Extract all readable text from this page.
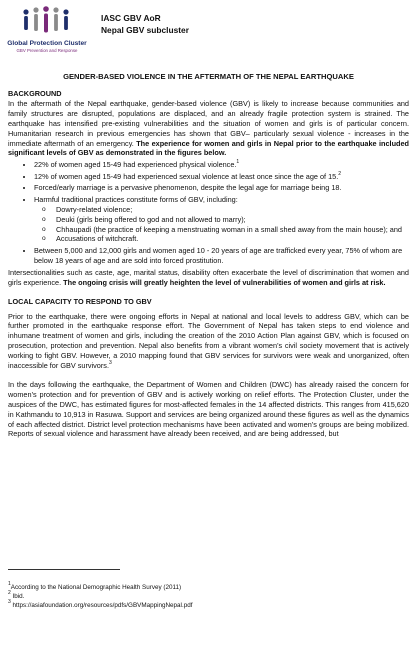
Global Protection Cluster
GBV Prevention and Response
IASC GBV AoR
Nepal GBV subcluster
GENDER-BASED VIOLENCE IN THE AFTERMATH OF THE NEPAL EARTHQUAKE
BACKGROUND

In the aftermath of the Nepal earthquake, gender-based violence (GBV) is likely to increase because communities and family structures are disrupted, populations are displaced, and an already fragile protection system is strained. The earthquake has intensified pre-existing vulnerabilities and the situation of women and girls is of particular concern. Humanitarian research in previous emergencies has shown that GBV– particularly sexual violence - increases in the immediate aftermath of an emergency. The experience for women and girls in Nepal prior to the earthquake included significant levels of GBV as demonstrated in the figures below.

• 22% of women aged 15-49 had experienced physical violence.$^1$
• 12% of women aged 15-49 had experienced sexual violence at least once since the age of 15.$^2$
• Forced/early marriage is a pervasive phenomenon, despite the legal age for marriage being 18.
• Harmful traditional practices constitute forms of GBV, including:
o Dowry-related violence;
o Deuki (girls being offered to god and not allowed to marry);
o Chhaupadi (the practice of keeping a menstruating woman in a small shed away from the main house); and
o Accusations of witchcraft.
• Between 5,000 and 12,000 girls and women aged 10 - 20 years of age are trafficked every year, 75% of whom are below 18 years of age and are sold into forced prostitution.

Intersectionalities such as caste, age, marital status, disability often exacerbate the level of discrimination that women and girls experience. The ongoing crisis will greatly heighten the level of vulnerabilities of women and girls at risk.

LOCAL CAPACITY TO RESPOND TO GBV

Prior to the earthquake, there were ongoing efforts in Nepal at national and local levels to address GBV, which can be further promoted in the earthquake response effort. The Government of Nepal has taken steps to end violence and inhumane treatment of women and girls, including the creation of the 2010 Action Plan against GBV, which is focused on prosecution, protection and prevention. Nepal also benefits from a vibrant women’s civil society movement that is actively working to fight GBV. However, a 2010 mapping found that GBV services for survivors were weak and unorganized, often inaccessible for GBV survivors.$^3$

In the days following the earthquake, the Department of Women and Children (DWC) has already raised the concern for women’s protection and for prevention of GBV and is actively working on relief efforts. The Protection Cluster, under the auspices of the DWC, has estimated figures for most-affected females in the 14 affected districts. This ranges from 415,620 in Kathmandu to 10,913 in Rasuwa. Support and services are being organized around these figures as well as the dynamics of each affected district. District level protection mechanisms have been activated and women’s groups are being mobilized. Reports of sexual violence and harassment have already been received, and are being addressed, but

$^1$According to the National Demographic Health Survey (2011)
$^2$ Ibid.
$^3$ https://asiafoundation.org/resources/pdfs/GBVMappingNepal.pdf
